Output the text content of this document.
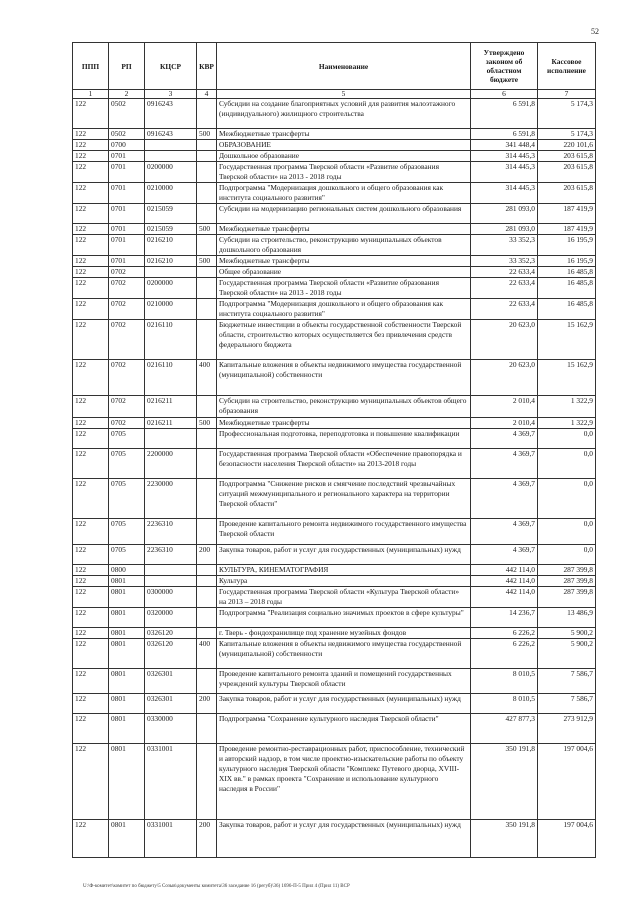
52
ППП	РП	КЦСР	КВР	Наименование	Утверждено законом об областном бюджете	Кассовое исполнение
1	2	3	4	5	6	7
122	0502	0916243		Субсидии на создание благоприятных условий для развития малоэтажного (индивидуального) жилищного строительства	6 591,8	5 174,3
122	0502	0916243	500	Межбюджетные трансферты	6 591,8	5 174,3
122	0700			ОБРАЗОВАНИЕ	341 448,4	220 101,6
122	0701			Дошкольное образование	314 445,3	203 615,8
122	0701	0200000		Государственная программа Тверской области «Развитие образования Тверской области» на 2013 - 2018 годы	314 445,3	203 615,8
122	0701	0210000		Подпрограмма "Модернизация дошкольного и общего образования как института социального развития"	314 445,3	203 615,8
122	0701	0215059		Субсидии на модернизацию региональных систем дошкольного образования	281 093,0	187 419,9
122	0701	0215059	500	Межбюджетные трансферты	281 093,0	187 419,9
122	0701	0216210		Субсидии на строительство, реконструкцию муниципальных объектов дошкольного образования	33 352,3	16 195,9
122	0701	0216210	500	Межбюджетные трансферты	33 352,3	16 195,9
122	0702			Общее образование	22 633,4	16 485,8
122	0702	0200000		Государственная программа Тверской области «Развитие образования Тверской области» на 2013 - 2018 годы	22 633,4	16 485,8
122	0702	0210000		Подпрограмма "Модернизация дошкольного и общего образования как института социального развития"	22 633,4	16 485,8
122	0702	0216110		Бюджетные инвестиции в объекты государственной собственности Тверской области, строительство которых осуществляется без привлечения средств федерального бюджета	20 623,0	15 162,9
122	0702	0216110	400	Капитальные вложения в объекты недвижимого имущества государственной (муниципальной) собственности	20 623,0	15 162,9
122	0702	0216211		Субсидии на строительство, реконструкцию муниципальных объектов общего образования	2 010,4	1 322,9
122	0702	0216211	500	Межбюджетные трансферты	2 010,4	1 322,9
122	0705			Профессиональная подготовка, переподготовка и повышение квалификации	4 369,7	0,0
122	0705	2200000		Государственная программа Тверской области «Обеспечение правопорядка и безопасности населения Тверской области» на 2013-2018 годы	4 369,7	0,0
122	0705	2230000		Подпрограмма "Снижение рисков и смягчение последствий чрезвычайных ситуаций межмуниципального и регионального характера на территории Тверской области"	4 369,7	0,0
122	0705	2236310		Проведение капитального ремонта недвижимого государственного имущества Тверской области	4 369,7	0,0
122	0705	2236310	200	Закупка товаров, работ и услуг для государственных (муниципальных) нужд	4 369,7	0,0
122	0800			КУЛЬТУРА, КИНЕМАТОГРАФИЯ	442 114,0	287 399,8
122	0801			Культура	442 114,0	287 399,8
122	0801	0300000		Государственная программа Тверской области «Культура Тверской области» на 2013 – 2018 годы	442 114,0	287 399,8
122	0801	0320000		Подпрограмма "Реализация социально значимых проектов в сфере культуры"	14 236,7	13 486,9
122	0801	0326120		г. Тверь - фондохранилище под хранение музейных фондов	6 226,2	5 900,2
122	0801	0326120	400	Капитальные вложения в объекты недвижимого имущества государственной (муниципальной) собственности	6 226,2	5 900,2
122	0801	0326301		Проведение капитального ремонта зданий и помещений государственных учреждений культуры Тверской области	8 010,5	7 586,7
122	0801	0326301	200	Закупка товаров, работ и услуг для государственных (муниципальных) нужд	8 010,5	7 586,7
122	0801	0330000		Подпрограмма "Сохранение культурного наследия Тверской области"	427 877,3	273 912,9
122	0801	0331001		Проведение ремонтно-реставрационных работ, приспособление, технический и авторский надзор, в том числе проектно-изыскательские работы по объекту культурного наследия Тверской области "Комплекс Путевого дворца, XVIII-XIX вв." в рамках проекта "Сохранение и использование культурного наследия в России"	350 191,8	197 004,6
122	0801	0331001	200	Закупка товаров, работ и услуг для государственных (муниципальных) нужд	350 191,8	197 004,6
U:\Ф-комитет\комитет по бюджету\5 Созыв\документы комитета\36 заседание 16 (регуб)\36) 1696-П-5 Прил 4 (Прил 11) ВСР
